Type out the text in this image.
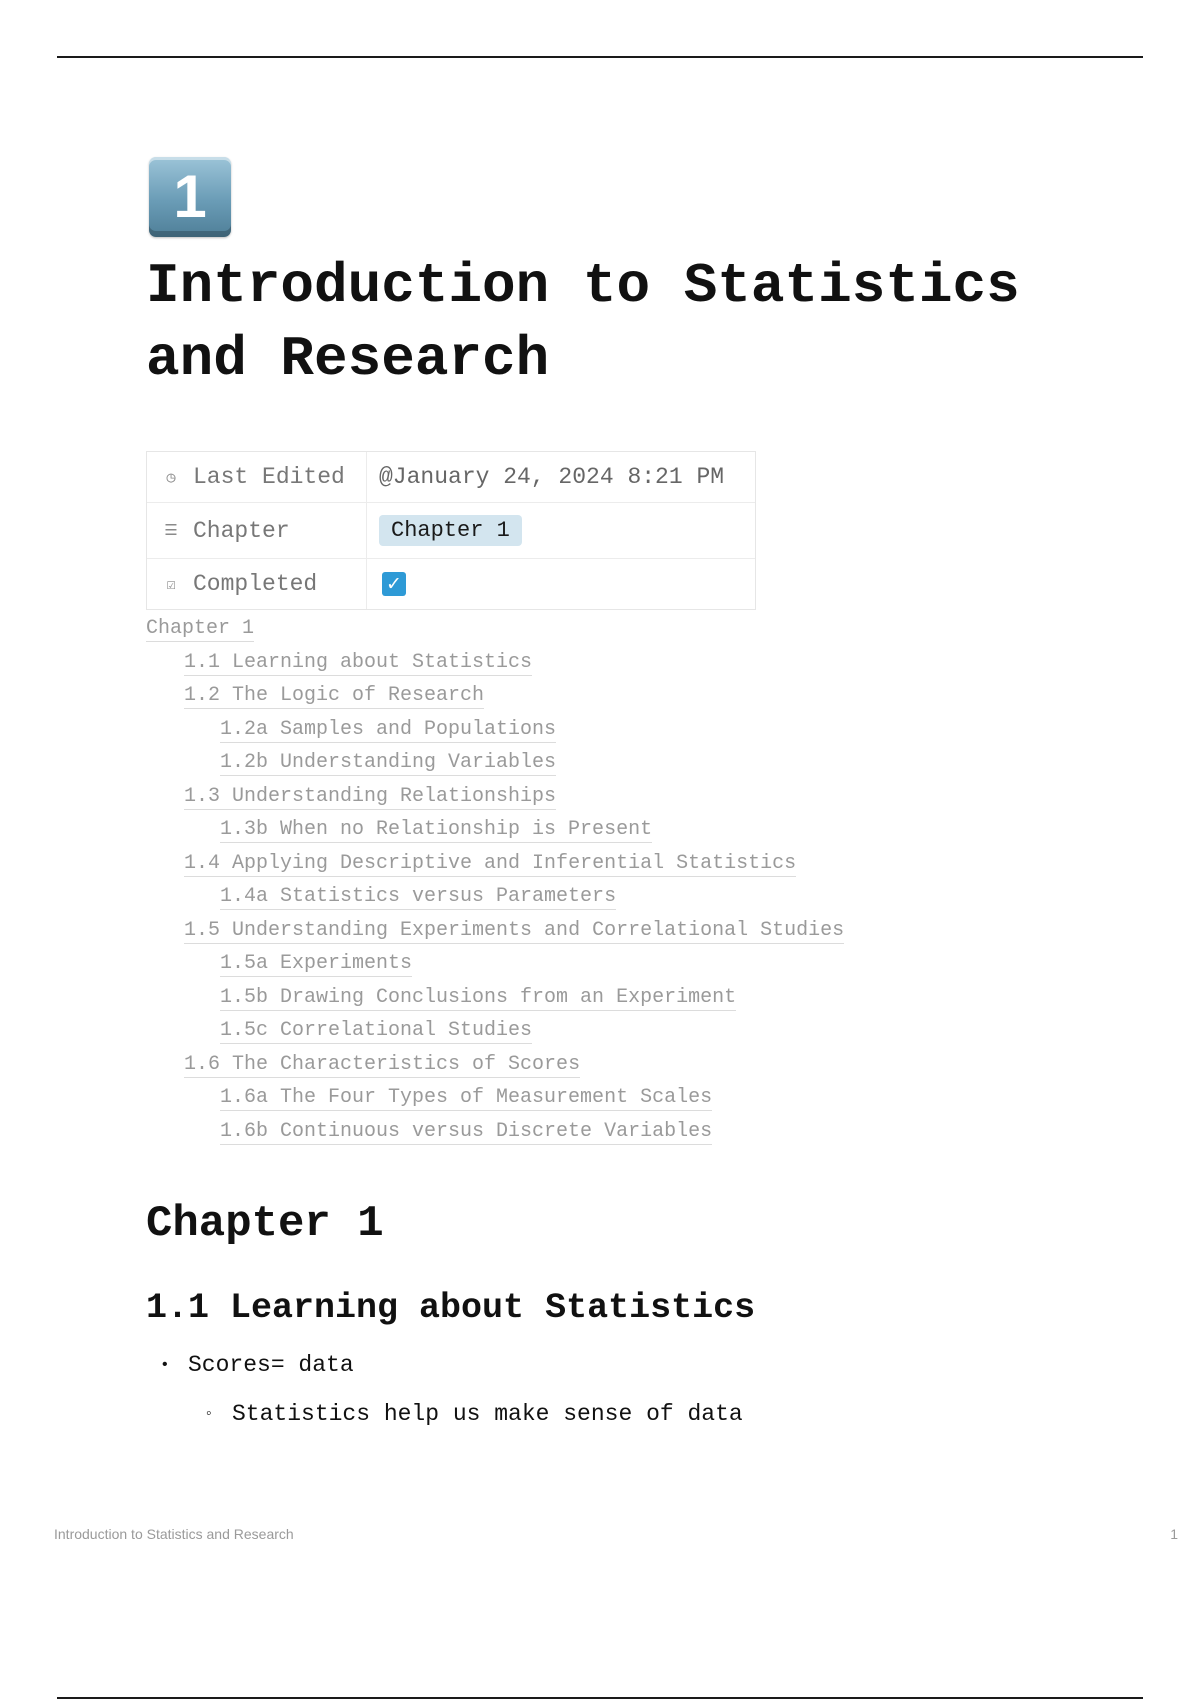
1
Introduction to Statistics and Research
◷ Last Edited @January 24, 2024 8:21 PM
☰ Chapter	Chapter 1
☑ Completed	✓
Chapter 1
1.1 Learning about Statistics
1.2 The Logic of Research
1.2a Samples and Populations
1.2b Understanding Variables
1.3 Understanding Relationships
1.3b When no Relationship is Present
1.4 Applying Descriptive and Inferential Statistics
1.4a Statistics versus Parameters
1.5 Understanding Experiments and Correlational Studies
1.5a Experiments
1.5b Drawing Conclusions from an Experiment
1.5c Correlational Studies
1.6 The Characteristics of Scores
1.6a The Four Types of Measurement Scales
1.6b Continuous versus Discrete Variables
Chapter 1
1.1 Learning about Statistics
• Scores= data
◦ Statistics help us make sense of data
Introduction to Statistics and Research	1
